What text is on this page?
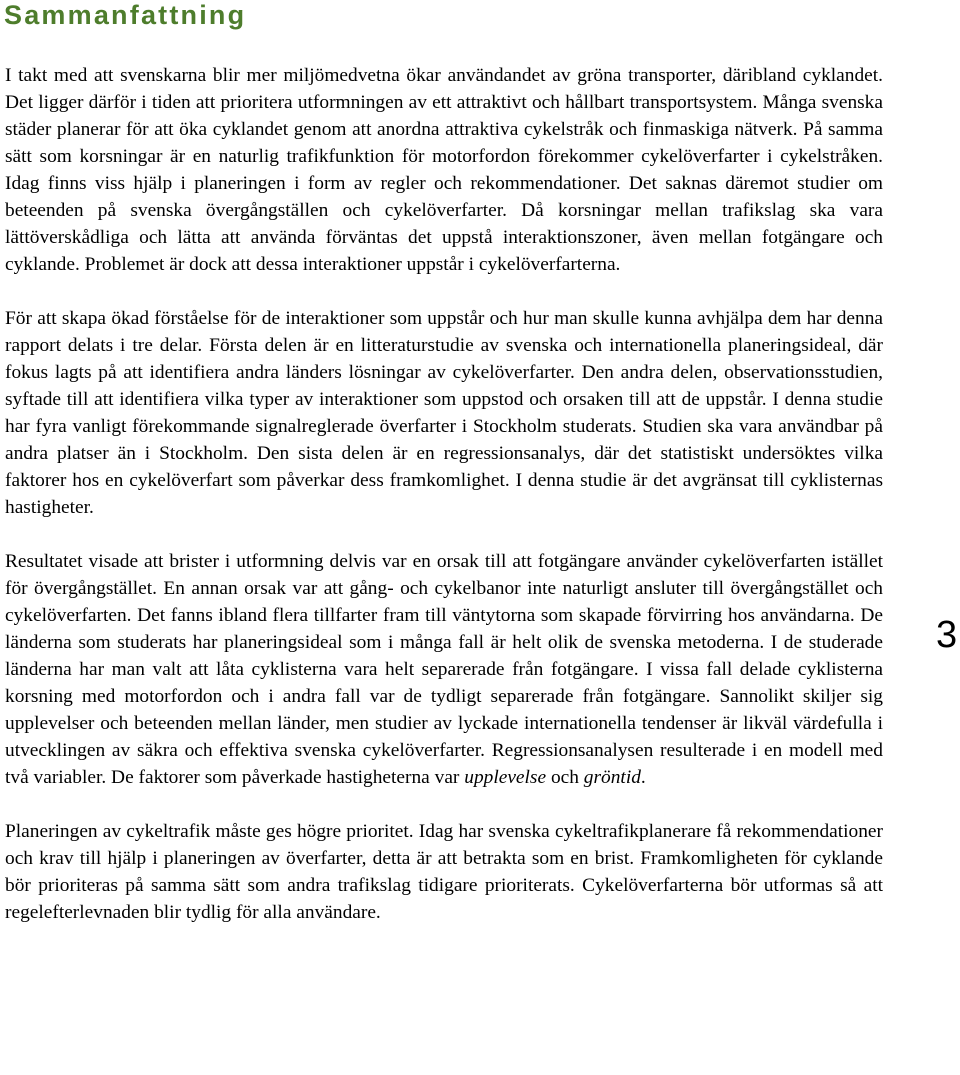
Sammanfattning

I takt med att svenskarna blir mer miljömedvetna ökar användandet av gröna transporter, däribland cyklandet. Det ligger därför i tiden att prioritera utformningen av ett attraktivt och hållbart transportsystem. Många svenska städer planerar för att öka cyklandet genom att anordna attraktiva cykelstråk och finmaskiga nätverk. På samma sätt som korsningar är en naturlig trafikfunktion för motorfordon förekommer cykelöverfarter i cykelstråken. Idag finns viss hjälp i planeringen i form av regler och rekommendationer. Det saknas däremot studier om beteenden på svenska övergångställen och cykelöverfarter. Då korsningar mellan trafikslag ska vara lättöverskådliga och lätta att använda förväntas det uppstå interaktionszoner, även mellan fotgängare och cyklande. Problemet är dock att dessa interaktioner uppstår i cykelöverfarterna.

För att skapa ökad förståelse för de interaktioner som uppstår och hur man skulle kunna avhjälpa dem har denna rapport delats i tre delar. Första delen är en litteraturstudie av svenska och internationella planeringsideal, där fokus lagts på att identifiera andra länders lösningar av cykelöverfarter. Den andra delen, observationsstudien, syftade till att identifiera vilka typer av interaktioner som uppstod och orsaken till att de uppstår. I denna studie har fyra vanligt förekommande signalreglerade överfarter i Stockholm studerats. Studien ska vara användbar på andra platser än i Stockholm. Den sista delen är en regressionsanalys, där det statistiskt undersöktes vilka faktorer hos en cykelöverfart som påverkar dess framkomlighet. I denna studie är det avgränsat till cyklisternas hastigheter.

Resultatet visade att brister i utformning delvis var en orsak till att fotgängare använder cykelöverfarten istället för övergångstället. En annan orsak var att gång- och cykelbanor inte naturligt ansluter till övergångstället och cykelöverfarten. Det fanns ibland flera tillfarter fram till väntytorna som skapade förvirring hos användarna. De länderna som studerats har planeringsideal som i många fall är helt olik de svenska metoderna. I de studerade länderna har man valt att låta cyklisterna vara helt separerade från fotgängare. I vissa fall delade cyklisterna korsning med motorfordon och i andra fall var de tydligt separerade från fotgängare. Sannolikt skiljer sig upplevelser och beteenden mellan länder, men studier av lyckade internationella tendenser är likväl värdefulla i utvecklingen av säkra och effektiva svenska cykelöverfarter. Regressionsanalysen resulterade i en modell med två variabler. De faktorer som påverkade hastigheterna var upplevelse och gröntid.

Planeringen av cykeltrafik måste ges högre prioritet. Idag har svenska cykeltrafikplanerare få rekommendationer och krav till hjälp i planeringen av överfarter, detta är att betrakta som en brist. Framkomligheten för cyklande bör prioriteras på samma sätt som andra trafikslag tidigare prioriterats. Cykelöverfarterna bör utformas så att regelefterlevnaden blir tydlig för alla användare.

3
